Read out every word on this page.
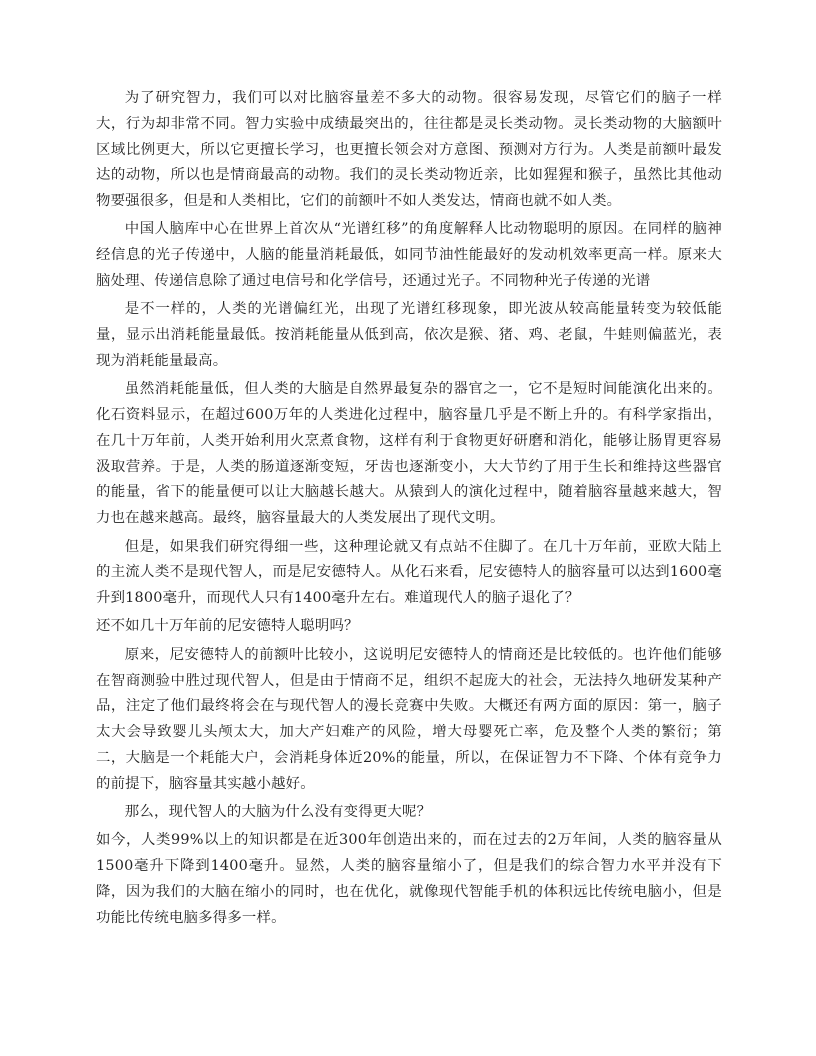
为了研究智力，我们可以对比脑容量差不多大的动物。很容易发现，尽管它们的脑子一样大，行为却非常不同。智力实验中成绩最突出的，往往都是灵长类动物。灵长类动物的大脑额叶区域比例更大，所以它更擅长学习，也更擅长领会对方意图、预测对方行为。人类是前额叶最发达的动物，所以也是情商最高的动物。我们的灵长类动物近亲，比如猩猩和猴子，虽然比其他动物要强很多，但是和人类相比，它们的前额叶不如人类发达，情商也就不如人类。

中国人脑库中心在世界上首次从“光谱红移”的角度解释人比动物聪明的原因。在同样的脑神经信息的光子传递中，人脑的能量消耗最低，如同节油性能最好的发动机效率更高一样。原来大脑处理、传递信息除了通过电信号和化学信号，还通过光子。不同物种光子传递的光谱

是不一样的，人类的光谱偏红光，出现了光谱红移现象，即光波从较高能量转变为较低能量，显示出消耗能量最低。按消耗能量从低到高，依次是猴、猪、鸡、老鼠，牛蛙则偏蓝光，表现为消耗能量最高。

虽然消耗能量低，但人类的大脑是自然界最复杂的器官之一，它不是短时间能演化出来的。化石资料显示，在超过600万年的人类进化过程中，脑容量几乎是不断上升的。有科学家指出，在几十万年前，人类开始利用火烹煮食物，这样有利于食物更好研磨和消化，能够让肠胃更容易汲取营养。于是，人类的肠道逐渐变短，牙齿也逐渐变小，大大节约了用于生长和维持这些器官的能量，省下的能量便可以让大脑越长越大。从猿到人的演化过程中，随着脑容量越来越大，智力也在越来越高。最终，脑容量最大的人类发展出了现代文明。

但是，如果我们研究得细一些，这种理论就又有点站不住脚了。在几十万年前，亚欧大陆上的主流人类不是现代智人，而是尼安德特人。从化石来看，尼安德特人的脑容量可以达到1600毫升到1800毫升，而现代人只有1400毫升左右。难道现代人的脑子退化了？

还不如几十万年前的尼安德特人聪明吗？

原来，尼安德特人的前额叶比较小，这说明尼安德特人的情商还是比较低的。也许他们能够在智商测验中胜过现代智人，但是由于情商不足，组织不起庞大的社会，无法持久地研发某种产品，注定了他们最终将会在与现代智人的漫长竞赛中失败。大概还有两方面的原因：第一，脑子太大会导致婴儿头颅太大，加大产妇难产的风险，增大母婴死亡率，危及整个人类的繁衍；第二，大脑是一个耗能大户，会消耗身体近20%的能量，所以，在保证智力不下降、个体有竞争力的前提下，脑容量其实越小越好。

那么，现代智人的大脑为什么没有变得更大呢？

如今，人类99%以上的知识都是在近300年创造出来的，而在过去的2万年间，人类的脑容量从1500毫升下降到1400毫升。显然，人类的脑容量缩小了，但是我们的综合智力水平并没有下降，因为我们的大脑在缩小的同时，也在优化，就像现代智能手机的体积远比传统电脑小，但是功能比传统电脑多得多一样。
